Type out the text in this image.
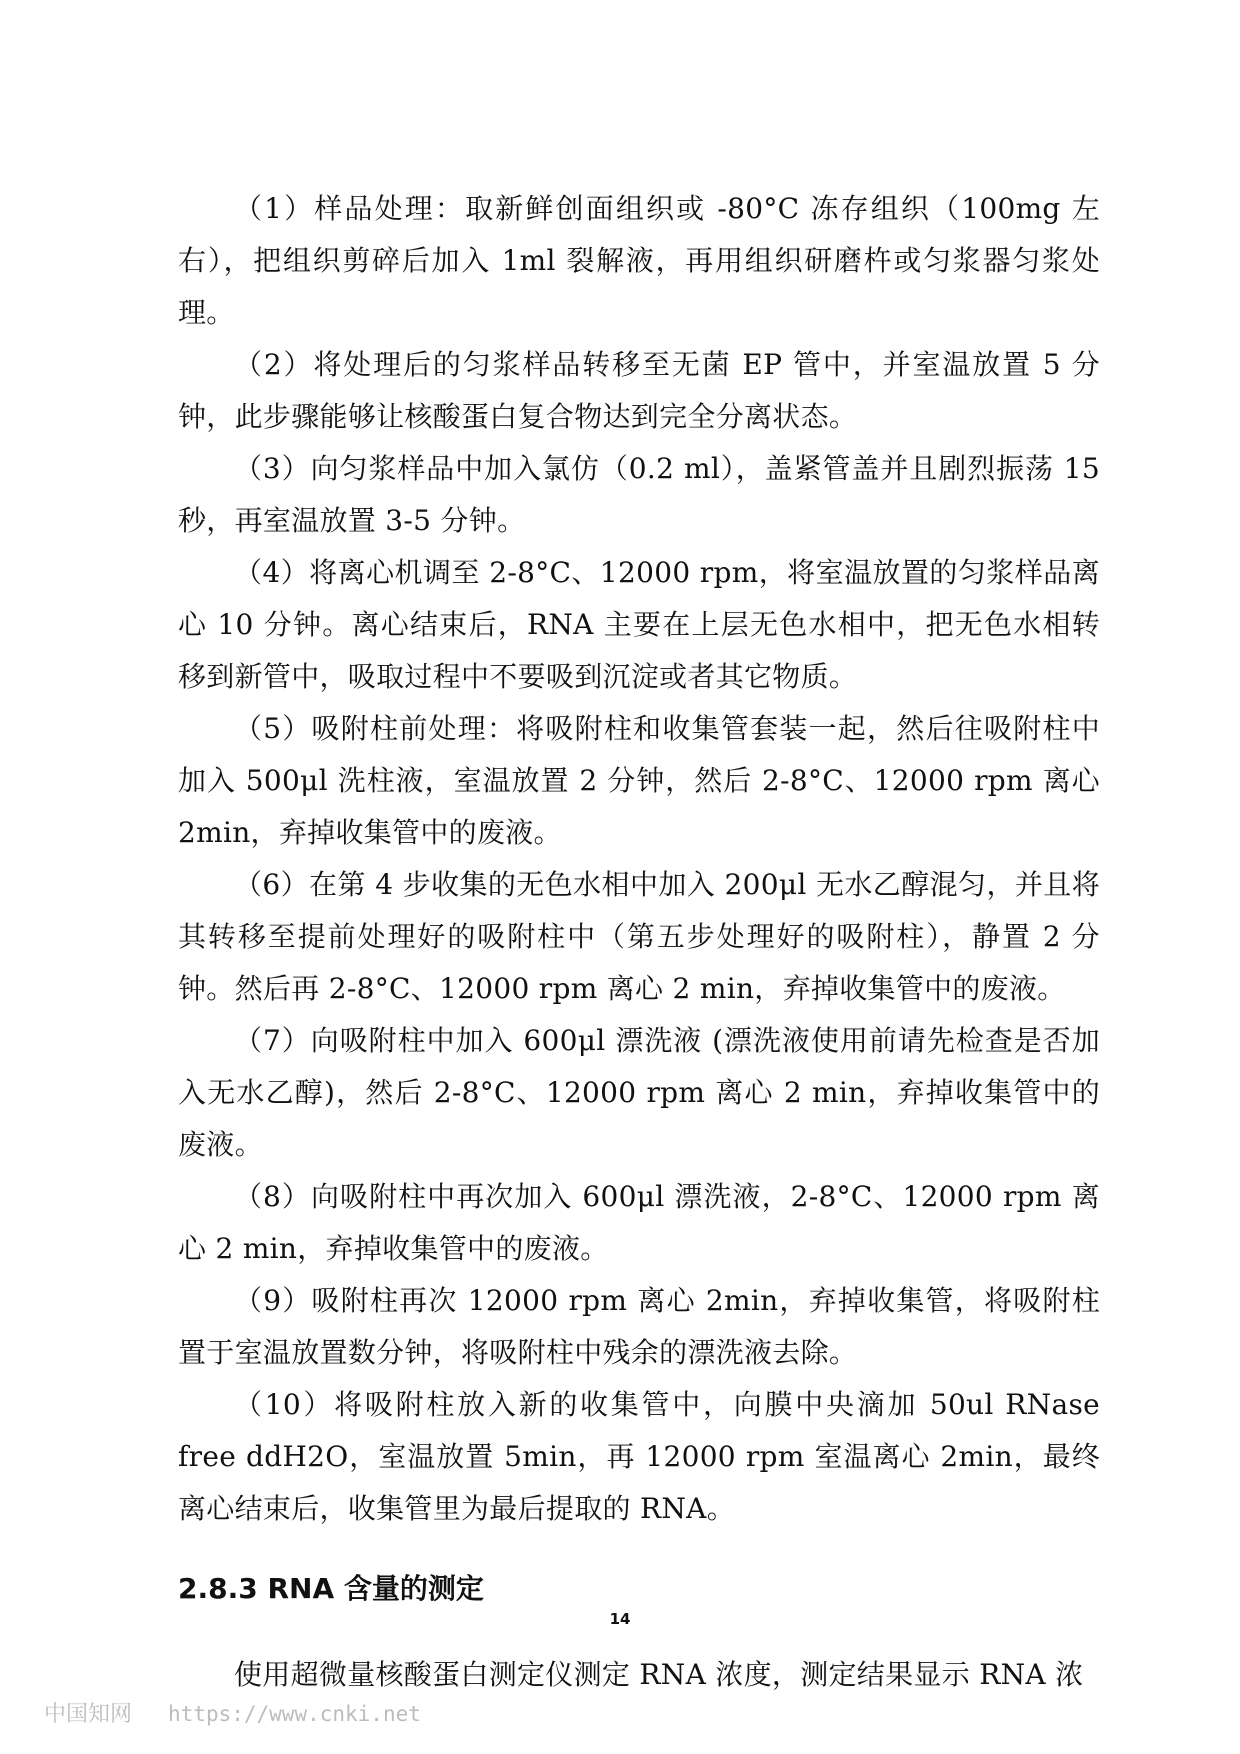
（1）样品处理：取新鲜创面组织或 -80°C 冻存组织（100mg 左右），把组织剪碎后加入 1ml 裂解液，再用组织研磨杵或匀浆器匀浆处理。

（2）将处理后的匀浆样品转移至无菌 EP 管中，并室温放置 5 分钟，此步骤能够让核酸蛋白复合物达到完全分离状态。

（3）向匀浆样品中加入氯仿（0.2 ml），盖紧管盖并且剧烈振荡 15 秒，再室温放置 3-5 分钟。

（4）将离心机调至 2-8°C、12000 rpm，将室温放置的匀浆样品离心 10 分钟。离心结束后，RNA 主要在上层无色水相中，把无色水相转移到新管中，吸取过程中不要吸到沉淀或者其它物质。

（5）吸附柱前处理：将吸附柱和收集管套装一起，然后往吸附柱中加入 500μl 洗柱液，室温放置 2 分钟，然后 2-8°C、12000 rpm 离心 2min，弃掉收集管中的废液。

（6）在第 4 步收集的无色水相中加入 200μl 无水乙醇混匀，并且将其转移至提前处理好的吸附柱中（第五步处理好的吸附柱），静置 2 分钟。然后再 2-8°C、12000 rpm 离心 2 min，弃掉收集管中的废液。

（7）向吸附柱中加入 600μl 漂洗液 (漂洗液使用前请先检查是否加入无水乙醇)，然后 2-8°C、12000 rpm 离心 2 min，弃掉收集管中的废液。

（8）向吸附柱中再次加入 600μl 漂洗液，2-8°C、12000 rpm 离心 2 min，弃掉收集管中的废液。

（9）吸附柱再次 12000 rpm 离心 2min，弃掉收集管，将吸附柱置于室温放置数分钟，将吸附柱中残余的漂洗液去除。

（10）将吸附柱放入新的收集管中，向膜中央滴加 50ul RNase free ddH2O，室温放置 5min，再 12000 rpm 室温离心 2min，最终离心结束后，收集管里为最后提取的 RNA。

2.8.3 RNA 含量的测定

使用超微量核酸蛋白测定仪测定 RNA 浓度，测定结果显示 RNA 浓

14
中国知网 https://www.cnki.net
